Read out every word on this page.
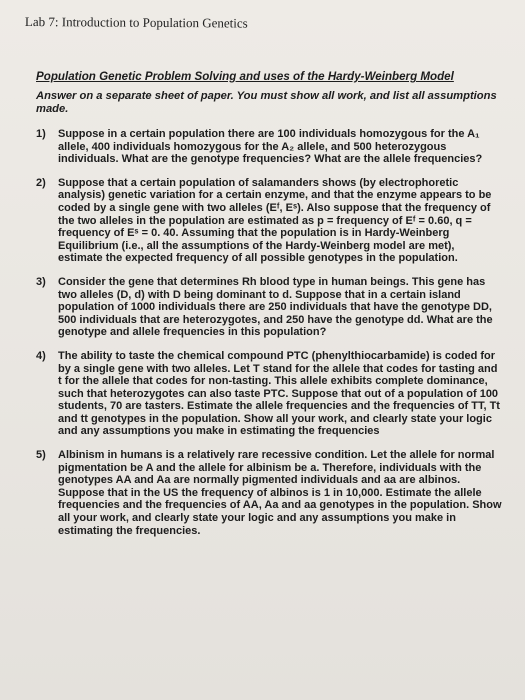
Lab 7: Introduction to Population Genetics
Population Genetic Problem Solving and uses of the Hardy-Weinberg Model
Answer on a separate sheet of paper. You must show all work, and list all assumptions made.
1) Suppose in a certain population there are 100 individuals homozygous for the A₁ allele, 400 individuals homozygous for the A₂ allele, and 500 heterozygous individuals. What are the genotype frequencies? What are the allele frequencies?

2) Suppose that a certain population of salamanders shows (by electrophoretic analysis) genetic variation for a certain enzyme, and that the enzyme appears to be coded by a single gene with two alleles (Eᶠ, Eˢ). Also suppose that the frequency of the two alleles in the population are estimated as p = frequency of Eᶠ = 0.60, q = frequency of Eˢ = 0. 40. Assuming that the population is in Hardy-Weinberg Equilibrium (i.e., all the assumptions of the Hardy-Weinberg model are met), estimate the expected frequency of all possible genotypes in the population.

3) Consider the gene that determines Rh blood type in human beings. This gene has two alleles (D, d) with D being dominant to d. Suppose that in a certain island population of 1000 individuals there are 250 individuals that have the genotype DD, 500 individuals that are heterozygotes, and 250 have the genotype dd. What are the genotype and allele frequencies in this population?

4) The ability to taste the chemical compound PTC (phenylthiocarbamide) is coded for by a single gene with two alleles. Let T stand for the allele that codes for tasting and t for the allele that codes for non-tasting. This allele exhibits complete dominance, such that heterozygotes can also taste PTC. Suppose that out of a population of 100 students, 70 are tasters. Estimate the allele frequencies and the frequencies of TT, Tt and tt genotypes in the population. Show all your work, and clearly state your logic and any assumptions you make in estimating the frequencies

5) Albinism in humans is a relatively rare recessive condition. Let the allele for normal pigmentation be A and the allele for albinism be a. Therefore, individuals with the genotypes AA and Aa are normally pigmented individuals and aa are albinos. Suppose that in the US the frequency of albinos is 1 in 10,000. Estimate the allele frequencies and the frequencies of AA, Aa and aa genotypes in the population. Show all your work, and clearly state your logic and any assumptions you make in estimating the frequencies.
